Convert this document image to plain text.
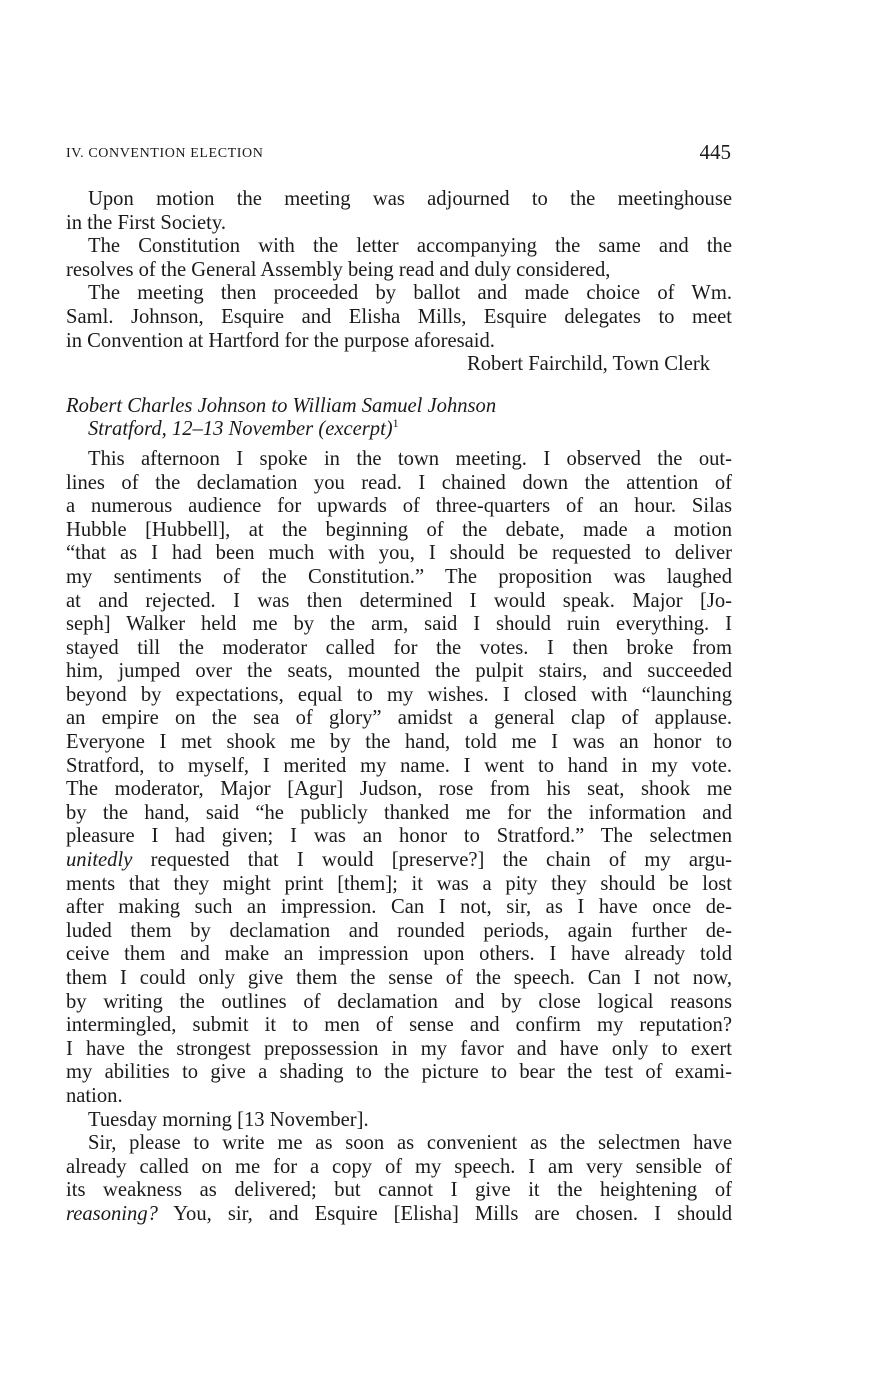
IV. CONVENTION ELECTION	445
Upon motion the meeting was adjourned to the meetinghouse
in the First Society.
The Constitution with the letter accompanying the same and the
resolves of the General Assembly being read and duly considered,
The meeting then proceeded by ballot and made choice of Wm.
Saml. Johnson, Esquire and Elisha Mills, Esquire delegates to meet
in Convention at Hartford for the purpose aforesaid.
Robert Fairchild, Town Clerk
Robert Charles Johnson to William Samuel Johnson
Stratford, 12–13 November (excerpt)$^1$
This afternoon I spoke in the town meeting. I observed the out-
lines of the declamation you read. I chained down the attention of
a numerous audience for upwards of three-quarters of an hour. Silas
Hubble [Hubbell], at the beginning of the debate, made a motion
“that as I had been much with you, I should be requested to deliver
my sentiments of the Constitution.” The proposition was laughed
at and rejected. I was then determined I would speak. Major [Jo-
seph] Walker held me by the arm, said I should ruin everything. I
stayed till the moderator called for the votes. I then broke from
him, jumped over the seats, mounted the pulpit stairs, and succeeded
beyond by expectations, equal to my wishes. I closed with “launching
an empire on the sea of glory” amidst a general clap of applause.
Everyone I met shook me by the hand, told me I was an honor to
Stratford, to myself, I merited my name. I went to hand in my vote.
The moderator, Major [Agur] Judson, rose from his seat, shook me
by the hand, said “he publicly thanked me for the information and
pleasure I had given; I was an honor to Stratford.” The selectmen
unitedly requested that I would [preserve?] the chain of my argu-
ments that they might print [them]; it was a pity they should be lost
after making such an impression. Can I not, sir, as I have once de-
luded them by declamation and rounded periods, again further de-
ceive them and make an impression upon others. I have already told
them I could only give them the sense of the speech. Can I not now,
by writing the outlines of declamation and by close logical reasons
intermingled, submit it to men of sense and confirm my reputation?
I have the strongest prepossession in my favor and have only to exert
my abilities to give a shading to the picture to bear the test of exami-
nation.
Tuesday morning [13 November].
Sir, please to write me as soon as convenient as the selectmen have
already called on me for a copy of my speech. I am very sensible of
its weakness as delivered; but cannot I give it the heightening of
reasoning? You, sir, and Esquire [Elisha] Mills are chosen. I should
